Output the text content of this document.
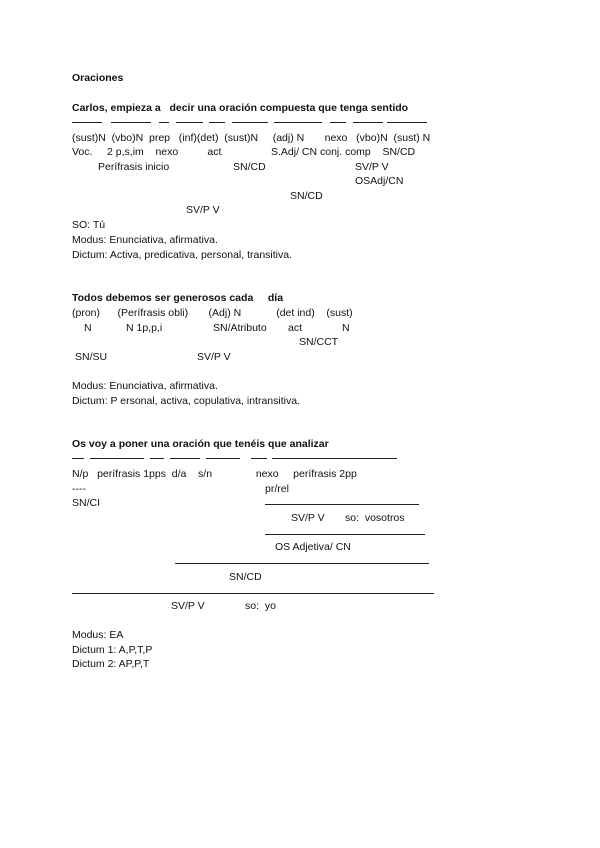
Oraciones
Carlos, empieza a   decir una oración compuesta que tenga sentido
(sust)N  (vbo)N  prep   (inf)(det)  (sust)N     (adj) N       nexo   (vbo)N  (sust) N
Voc.     2 p,s,im    nexo          act                 S.Adj/ CN conj. comp    SN/CD
Perífrasis inicio	SN/CD	SV/P V
OSAdj/CN
SN/CD
SV/P V
SO: Tú
Modus: Enunciativa, afirmativa.
Dictum: Activa, predicativa, personal, transitiva.
Todos debemos ser generosos cada     día
(pron)      (Perífrasis obli)       (Adj) N            (det ind)    (sust)
N	N 1p,p,i	SN/Atributo act	N
SN/CCT
SN/SU	SV/P V
Modus: Enunciativa, afirmativa.
Dictum: P ersonal, activa, copulativa, intransitiva.
Os voy a poner una oración que tenéis que analizar
N/p   perífrasis 1pps  d/a    s/n               nexo     perífrasis 2pp
----	pr/rel
SN/CI
SV/P V so:  vosotros
OS Adjetiva/ CN
SN/CD
SV/P V	so:  yo
Modus: EA
Dictum 1: A,P,T,P
Dictum 2: AP,P,T
